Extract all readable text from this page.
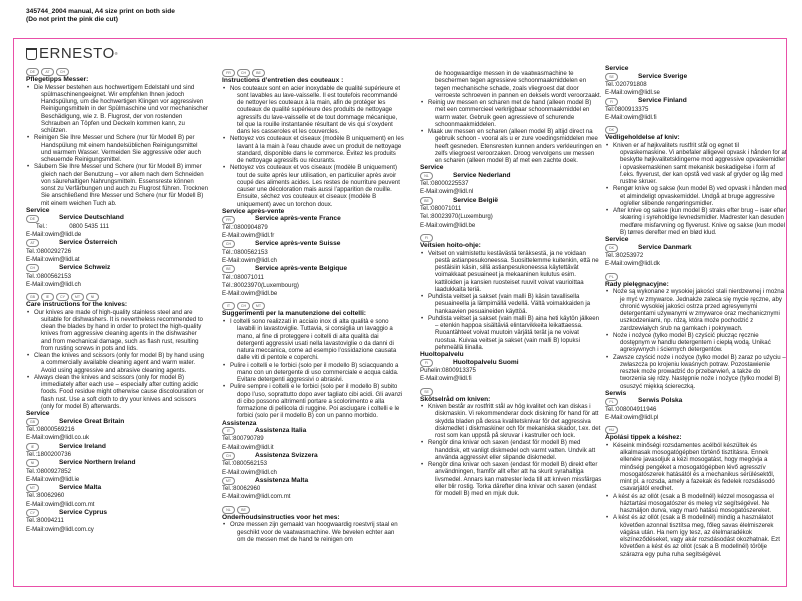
345744_2004 manual, A4 size print on both side
(Do not print the pink die cut)
ERNESTO ®
DE	AT	CH
Pflegetipps Messer:
• Die Messer bestehen aus hochwertigem Edelstahl und sind spülmaschinengeeignet. Wir empfehlen Ihnen jedoch Handspülung, um die hochwertigen Klingen vor aggressiven Reinigungsmitteln in der Spülmaschine und vor mechanischer Beschädigung, wie z. B. Flugrost, der von rostenden Schrauben an Töpfen und Deckeln kommen kann, zu schützen.
• Reinigen Sie Ihre Messer und Schere (nur für Modell B) per Handspülung mit einem handelsüblichen Reinigungsmittel und warmem Wasser. Vermeiden Sie aggressive oder auch scheuernde Reinigungsmittel.
• Säubern Sie Ihre Messer und Schere (nur für Modell B) immer gleich nach der Benutzung – vor allem nach dem Schneiden von säurehaltigen Nahrungsmitteln. Essensreste können sonst zu Verfärbungen und auch zu Flugrost führen. Trocknen Sie anschließend Ihre Messer und Schere (nur für Modell B) mit einem weichen Tuch ab.
Service
DE	Service Deutschland
Tel.:             0800 5435 111
E-Mail:owim@lidl.de
AT	Service Österreich
Tel.:0800292726
E-Mail:owim@lidl.at
CH	Service Schweiz
Tel.:0800562153
E-Mail:owim@lidl.ch
GB	IE	CY	MT	NI
Care instructions for the knives:
• Our knives are made of high-quality stainless steel and are suitable for dishwashers. It is nevertheless recommended to clean the blades by hand in order to protect the high-quality knives from aggressive cleaning agents in the dishwasher and from mechanical damage, such as flash rust, resulting from rusting screws in pots and lids.
• Clean the knives and scissors (only for model B) by hand using a commercially available cleaning agent and warm water. Avoid using aggressive and abrasive cleaning agents.
• Always clean the knives and scissors (only for model B) immediately after each use – especially after cutting acidic foods. Food residue might otherwise cause discolouration or flash rust. Use a soft cloth to dry your knives and scissors (only for model B) afterwards.
Service
GB	Service Great Britain
Tel.:08000569216
E-Mail:owim@lidl.co.uk
IE	Service Ireland
Tel.:1800200736
NI	Service Northern Ireland
Tel.:0800927852
E-Mail:owim@lidl.ie
MT	Service Malta
Tel.:80062960
E-Mail:owim@lidl.com.mt
CY	Service Cyprus
Tel.:80094211
E-Mail:owim@lidl.com.cy
FR	CH	BE
Instructions d’entretien des couteaux :
• Nos couteaux sont en acier inoxydable de qualité supérieure et sont lavables au lave-vaisselle. Il est toutefois recommandé de nettoyer les couteaux à la main, afin de protéger les couteaux de qualité supérieure des produits de nettoyage agressifs du lave-vaisselle et de tout dommage mécanique, tel que la rouille instantanée résultant de vis qui s’oxydent dans les casseroles et les couvercles.
• Nettoyez vos couteaux et ciseaux (modèle B uniquement) en les lavant à la main à l’eau chaude avec un produit de nettoyage standard, disponible dans le commerce. Évitez les produits de nettoyage agressifs ou récurants.
• Nettoyez vos couteaux et vos ciseaux (modèle B uniquement) tout de suite après leur utilisation, en particulier après avoir coupé des aliments acides. Les restes de nourriture peuvent causer une décoloration mais aussi l’apparition de rouille. Ensuite, séchez vos couteaux et ciseaux (modèle B uniquement) avec un torchon doux.
Service après-vente
FR	Service après-vente France
Tél.:0800904879
E-Mail:owim@lidl.fr
CH	Service après-vente Suisse
Tél.:0800562153
E-Mail:owim@lidl.ch
BE	Service après-vente Belgique
Tél.:080071011
Tél.:80023970(Luxembourg)
E-Mail:owim@lidl.be
IT	CH	MT
Suggerimenti per la manutenzione dei coltelli:
• I coltelli sono realizzati in acciaio inox di alta qualità e sono lavabili in lavastoviglie. Tuttavia, si consiglia un lavaggio a mano, al fine di proteggere i coltelli di alta qualità dai detergenti aggressivi usati nella lavastoviglie o da danni di natura meccanica, come ad esempio l’ossidazione causata dalle viti di pentole e coperchi.
• Pulire i coltelli e le forbici (solo per il modello B) sciacquando a mano con un detergente di uso commerciale e acqua calda. Evitare detergenti aggressivi o abrasivi.
• Pulire sempre i coltelli e le forbici (solo per il modello B) subito dopo l’uso, soprattutto dopo aver tagliato cibi acidi. Gli avanzi di cibo possono altrimenti portare a scolorimento e alla formazione di pellicola di ruggine. Poi asciugare i coltelli e le forbici (solo per il modello B) con un panno morbido.
Assistenza
IT	Assistenza Italia
Tel.:800790789
E-Mail:owim@lidl.it
CH	Assistenza Svizzera
Tel.:0800562153
E-Mail:owim@lidl.ch
MT	Assistenza Malta
Tel.:80062960
E-Mail:owim@lidl.com.mt
NL	BE
Onderhoudsinstructies voor het mes:
• Onze messen zijn gemaakt van hoogwaardig roestvrij staal en geschikt voor de vaatwasmachine. We bevelen echter aan om de messen met de hand te reinigen om
de hoogwaardige messen in de vaatwasmachine te beschermen tegen agressieve schoonmaakmiddelen en tegen mechanische schade, zoals vliegroest dat door verroeste schroeven in pannen en deksels wordt veroorzaakt.
• Reinig uw messen en scharen met de hand (alleen model B) met een commercieel verkrijgbaar schoonmaakmiddel en warm water. Gebruik geen agressieve of schurende schoonmaakmiddelen.
• Maak uw messen en scharen (alleen model B) altijd direct na gebruik schoon - vooral als u er zure voedingsmiddelen mee heeft gesneden. Etensresten kunnen anders verkleuringen en zelfs vliegroest veroorzaken. Droog vervolgens uw messen en scharen (alleen model B) af met een zachte doek.
Service
NL	Service Nederland
Tel.:08000225537
E-Mail:owim@lidl.nl
BE	Service België
Tel.:080071011
Tel.:80023970(Luxemburg)
E-Mail:owim@lidl.be
FI
Veitsien hoito-ohje:
• Veitset on valmistettu kestävästä teräksestä, ja ne voidaan pestä astianpesukoneessa. Suosittelemme kuitenkin, että ne pestäisiin käsin, sillä astianpesukoneessa käytettävät voimakkaat pesuaineet ja mekaaninen kulutus esim. kattiloiden ja kansien ruosteiset ruuvit voivat vaurioittaa laadukkaita teriä.
• Puhdista veitset ja sakset (vain malli B) käsin tavallisella pesuaineella ja lämpimällä vedellä. Vältä voimakkaiden ja hankaavien pesuaineiden käyttöä.
• Puhdista veitset ja sakset (vain malli B) aina heti käytön jälkeen – etenkin happoa sisältäviä elintarvikkeita leikattaessa. Ruoantähteet voivat muutoin värjätä terät ja ne voivat ruostua. Kuivaa veitset ja sakset (vain malli B) lopuksi pehmeällä liinalla.
Huoltopalvelu
FI	Huoltopalvelu Suomi
Puhelin:0800913375
E-Mail:owim@lidl.fi
SE
Skötselråd om kniven:
• Kniven består av rostfritt stål av hög kvalitet och kan diskas i diskmaskin. Vi rekommenderar dock diskning för hand för att skydda bladen på dessa kvalitetsknivar för det aggressiva diskmedlet i diskmaskiner och för mekaniska skador, t.ex. det rost som kan uppstå på skruvar i kastruller och lock.
• Rengör dina knivar och saxen (endast för modell B) med handdisk, ett vanligt diskmedel och varmt vatten. Undvik att använda aggressivt eller slipande diskmedel.
• Rengör dina knivar och saxen (endast för modell B) direkt efter användningen, framför allt efter att ha skurit syrahaltiga livsmedel. Annars kan matrester leda till att kniven missfärgas eller blir rostig. Torka därefter dina knivar och saxen (endast för modell B) med en mjuk duk.
Service
SE	Service Sverige
Tel.:020791808
E-Mail:owim@lidl.se
FI	Service Finland
Tel:0800913375
E-Mail:owim@lidl.fi
DK
Vedligeholdelse af kniv:
• Kniven er af højkvalitets rustfrit stål og egnet til opvaskemaskine. Vi anbefaler alligevel opvask i hånden for at beskytte højkvalitetsklingerne mod aggressive opvaskemidler i opvaskemaskinen samt mekanisk beskadigelse i form af f.eks. flyverust, der kan opstå ved vask af gryder og låg med rustne skruer.
• Rengør knive og sakse (kun model B) ved opvask i hånden med et almindeligt opvaskemiddel. Undgå at bruge aggressive og/eller slibende rengøringsmidler.
• After knive og sakse (kun model B) straks efter brug – især efter skæring i syreholdige levnedsmidler. Madrester kan desuden medføre misfarvning og flyverust. Knive og sakse (kun model B) tørres derefter med en blød klud.
Service
DK	Service Danmark
Tel.:80253972
E-Mail:owim@lidl.dk
PL
Rady pielęgnacyjne:
• Noże są wykonane z wysokiej jakości stali nierdzewnej i można je myć w zmywarce. Jednakże zaleca się mycie ręczne, aby chronić wysokiej jakości ostrza przed agresywnymi detergentami używanymi w zmywarce oraz mechanicznymi uszkodzeniami, np. rdzą, która może pochodzić z zardzewiałych śrub na garnkach i pokrywach.
• Noże i nożyce (tylko model B) czyścić płucząc ręcznie dostępnym w handlu detergentem i ciepłą wodą. Unikać agresywnych i ściernych detergentów.
• Zawsze czyścić noże i nożyce (tylko model B) zaraz po użyciu – zwłaszcza po krojeniu kwaśnych potraw. Pozostawienie resztek może prowadzić do przebarwień, a także do tworzenia się rdzy. Następnie noże i nożyce (tylko model B) osuszyć miękką ściereczką.
Serwis
PL	Serwis Polska
Tel.:008004911946
E-Mail:owim@lidl.pl
HU
Ápolási tippek a késhez:
• Késeink minőségi rozsdamentes acélból készültek és alkalmasak mosogatógépben történő tisztításra. Ennek ellenére javasoljuk a kézi mosogatást, hogy megóvja a minőségi pengéket a mosogatógépben lévő agresszív mosogatószerek hatásától és a mechanikus sérülésektől, mint pl. a rozsda, amely a fazekak és fedelek rozsdásodó csavarjától eredhet.
• A kést és az ollót (csak a B modellnél) kézzel mosogassa el háztartási mosogatószer és meleg víz segítségével. Ne használjon durva, vagy maró hatású mosogatószereket.
• A kést és az ollót (csak a B modellnél) mindig a használatot követően azonnal tisztítsa meg, főleg savas élelmiszerek vágása után. Ha nem így tesz, az ételmaradékok elszíneződéseket, vagy akár rozsdásodást okozhatnak. Ezt követően a kést és az ollót (csak a B modellnél) törölje szárazra egy puha ruha segítségével.
